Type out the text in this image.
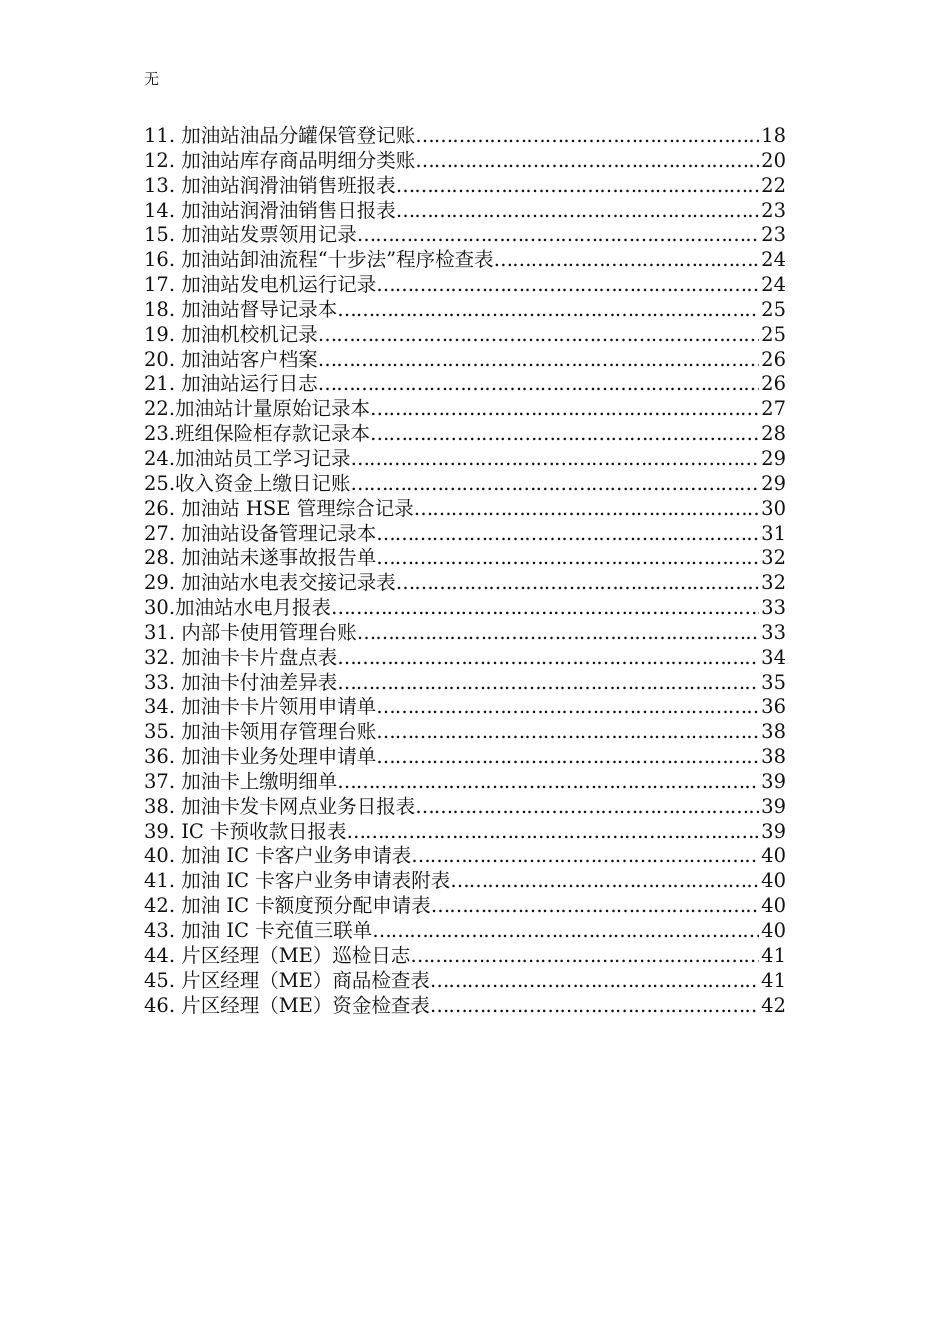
无
11. 加油站油品分罐保管登记账 ……………………………………………………………………………………………………………………………………………………………………	18
12. 加油站库存商品明细分类账 ……………………………………………………………………………………………………………………………………………………………………	20
13. 加油站润滑油销售班报表 ……………………………………………………………………………………………………………………………………………………………………	22
14. 加油站润滑油销售日报表 ……………………………………………………………………………………………………………………………………………………………………	23
15. 加油站发票领用记录 ……………………………………………………………………………………………………………………………………………………………………	23
16. 加油站卸油流程“十步法”程序检查表 ……………………………………………………………………………………………………………………………………………………………………	24
17. 加油站发电机运行记录 ……………………………………………………………………………………………………………………………………………………………………	24
18. 加油站督导记录本 ……………………………………………………………………………………………………………………………………………………………………	25
19. 加油机校机记录 ……………………………………………………………………………………………………………………………………………………………………	25
20. 加油站客户档案 ……………………………………………………………………………………………………………………………………………………………………	26
21. 加油站运行日志 ……………………………………………………………………………………………………………………………………………………………………	26
22.加油站计量原始记录本 ……………………………………………………………………………………………………………………………………………………………………	27
23.班组保险柜存款记录本 ……………………………………………………………………………………………………………………………………………………………………	28
24.加油站员工学习记录 ……………………………………………………………………………………………………………………………………………………………………	29
25.收入资金上缴日记账 ……………………………………………………………………………………………………………………………………………………………………	29
26. 加油站 HSE 管理综合记录 ……………………………………………………………………………………………………………………………………………………………………	30
27. 加油站设备管理记录本 ……………………………………………………………………………………………………………………………………………………………………	31
28. 加油站未遂事故报告单 ……………………………………………………………………………………………………………………………………………………………………	32
29. 加油站水电表交接记录表 ……………………………………………………………………………………………………………………………………………………………………	32
30.加油站水电月报表 ……………………………………………………………………………………………………………………………………………………………………	33
31. 内部卡使用管理台账 ……………………………………………………………………………………………………………………………………………………………………	33
32. 加油卡卡片盘点表 ……………………………………………………………………………………………………………………………………………………………………	34
33. 加油卡付油差异表 ……………………………………………………………………………………………………………………………………………………………………	35
34. 加油卡卡片领用申请单 ……………………………………………………………………………………………………………………………………………………………………	36
35. 加油卡领用存管理台账 ……………………………………………………………………………………………………………………………………………………………………	38
36. 加油卡业务处理申请单 ……………………………………………………………………………………………………………………………………………………………………	38
37. 加油卡上缴明细单 ……………………………………………………………………………………………………………………………………………………………………	39
38. 加油卡发卡网点业务日报表 ……………………………………………………………………………………………………………………………………………………………………	39
39. IC 卡预收款日报表 ……………………………………………………………………………………………………………………………………………………………………	39
40. 加油 IC 卡客户业务申请表 ……………………………………………………………………………………………………………………………………………………………………	40
41. 加油 IC 卡客户业务申请表附表 ……………………………………………………………………………………………………………………………………………………………………	40
42. 加油 IC 卡额度预分配申请表 ……………………………………………………………………………………………………………………………………………………………………	40
43. 加油 IC 卡充值三联单 ……………………………………………………………………………………………………………………………………………………………………	40
44. 片区经理（ME）巡检日志 ……………………………………………………………………………………………………………………………………………………………………	41
45. 片区经理（ME）商品检查表 ……………………………………………………………………………………………………………………………………………………………………	41
46. 片区经理（ME）资金检查表 ……………………………………………………………………………………………………………………………………………………………………	42
